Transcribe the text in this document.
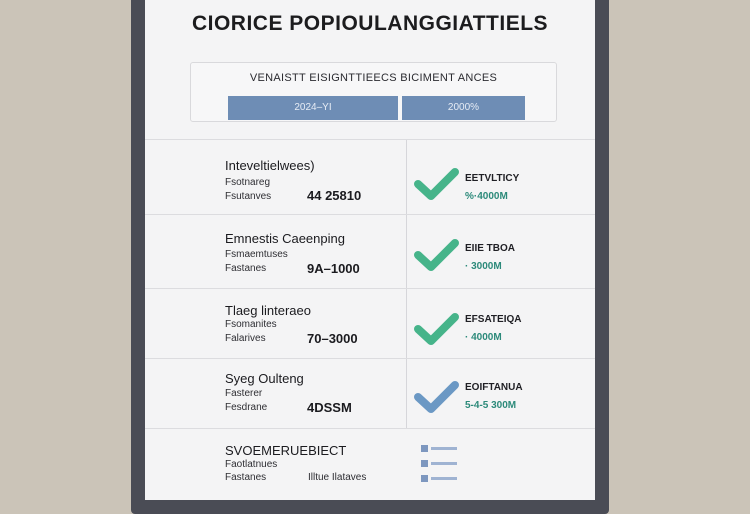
CIORICE POPIOULANGGIATTIELS
VENAISTT EISIGNTTIEECS BICIMENT ANCES
2024–YI	2000%
Inteveltielwees)
Fsotnareg
Fsutanves	44 25810
EETVLTICY
%·4000M
Emnestis Caeenping
Fsmaemtuses
Fastanes	9A–1000
EIIE TBOA
· 3000M
Tlaeg linteraeo
Fsomanites
Falarives	70–3000
EFSATEIQA
· 4000M
Syeg Oulteng
Fasterer
Fesdrane	4DSSM
EOIFTANUA
5-4-5 300M
SVOEMERUEBIECT
Faotlatnues
Fastanes	Illtue Ilataves
